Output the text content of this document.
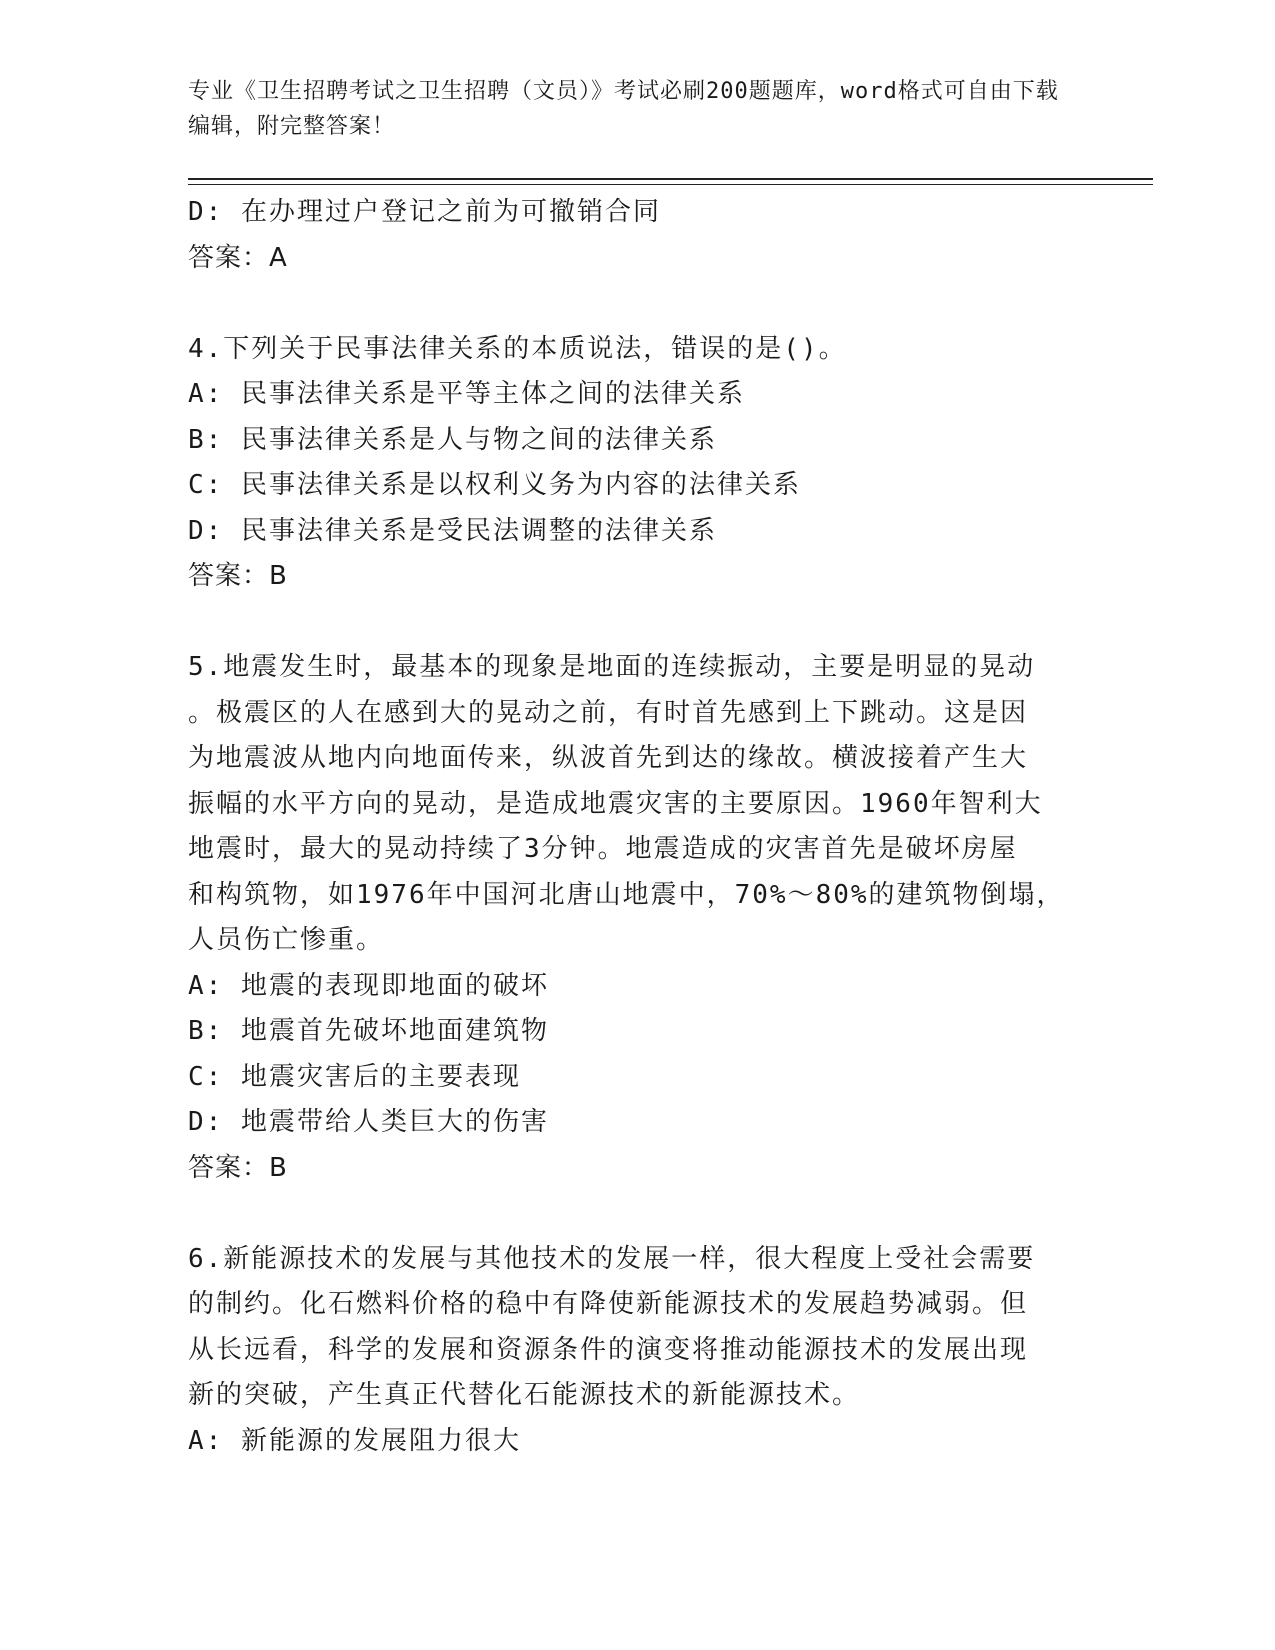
专业《卫生招聘考试之卫生招聘（文员）》考试必刷200题题库，word格式可自由下载编辑，附完整答案！
D: 在办理过户登记之前为可撤销合同
答案：A
4.下列关于民事法律关系的本质说法，错误的是()。
A: 民事法律关系是平等主体之间的法律关系
B: 民事法律关系是人与物之间的法律关系
C: 民事法律关系是以权利义务为内容的法律关系
D: 民事法律关系是受民法调整的法律关系
答案：B
5.地震发生时，最基本的现象是地面的连续振动，主要是明显的晃动
。极震区的人在感到大的晃动之前，有时首先感到上下跳动。这是因
为地震波从地内向地面传来，纵波首先到达的缘故。横波接着产生大
振幅的水平方向的晃动，是造成地震灾害的主要原因。1960年智利大
地震时，最大的晃动持续了3分钟。地震造成的灾害首先是破坏房屋
和构筑物，如1976年中国河北唐山地震中，70%～80%的建筑物倒塌，
人员伤亡惨重。
A: 地震的表现即地面的破坏
B: 地震首先破坏地面建筑物
C: 地震灾害后的主要表现
D: 地震带给人类巨大的伤害
答案：B
6.新能源技术的发展与其他技术的发展一样，很大程度上受社会需要
的制约。化石燃料价格的稳中有降使新能源技术的发展趋势减弱。但
从长远看，科学的发展和资源条件的演变将推动能源技术的发展出现
新的突破，产生真正代替化石能源技术的新能源技术。
A: 新能源的发展阻力很大
